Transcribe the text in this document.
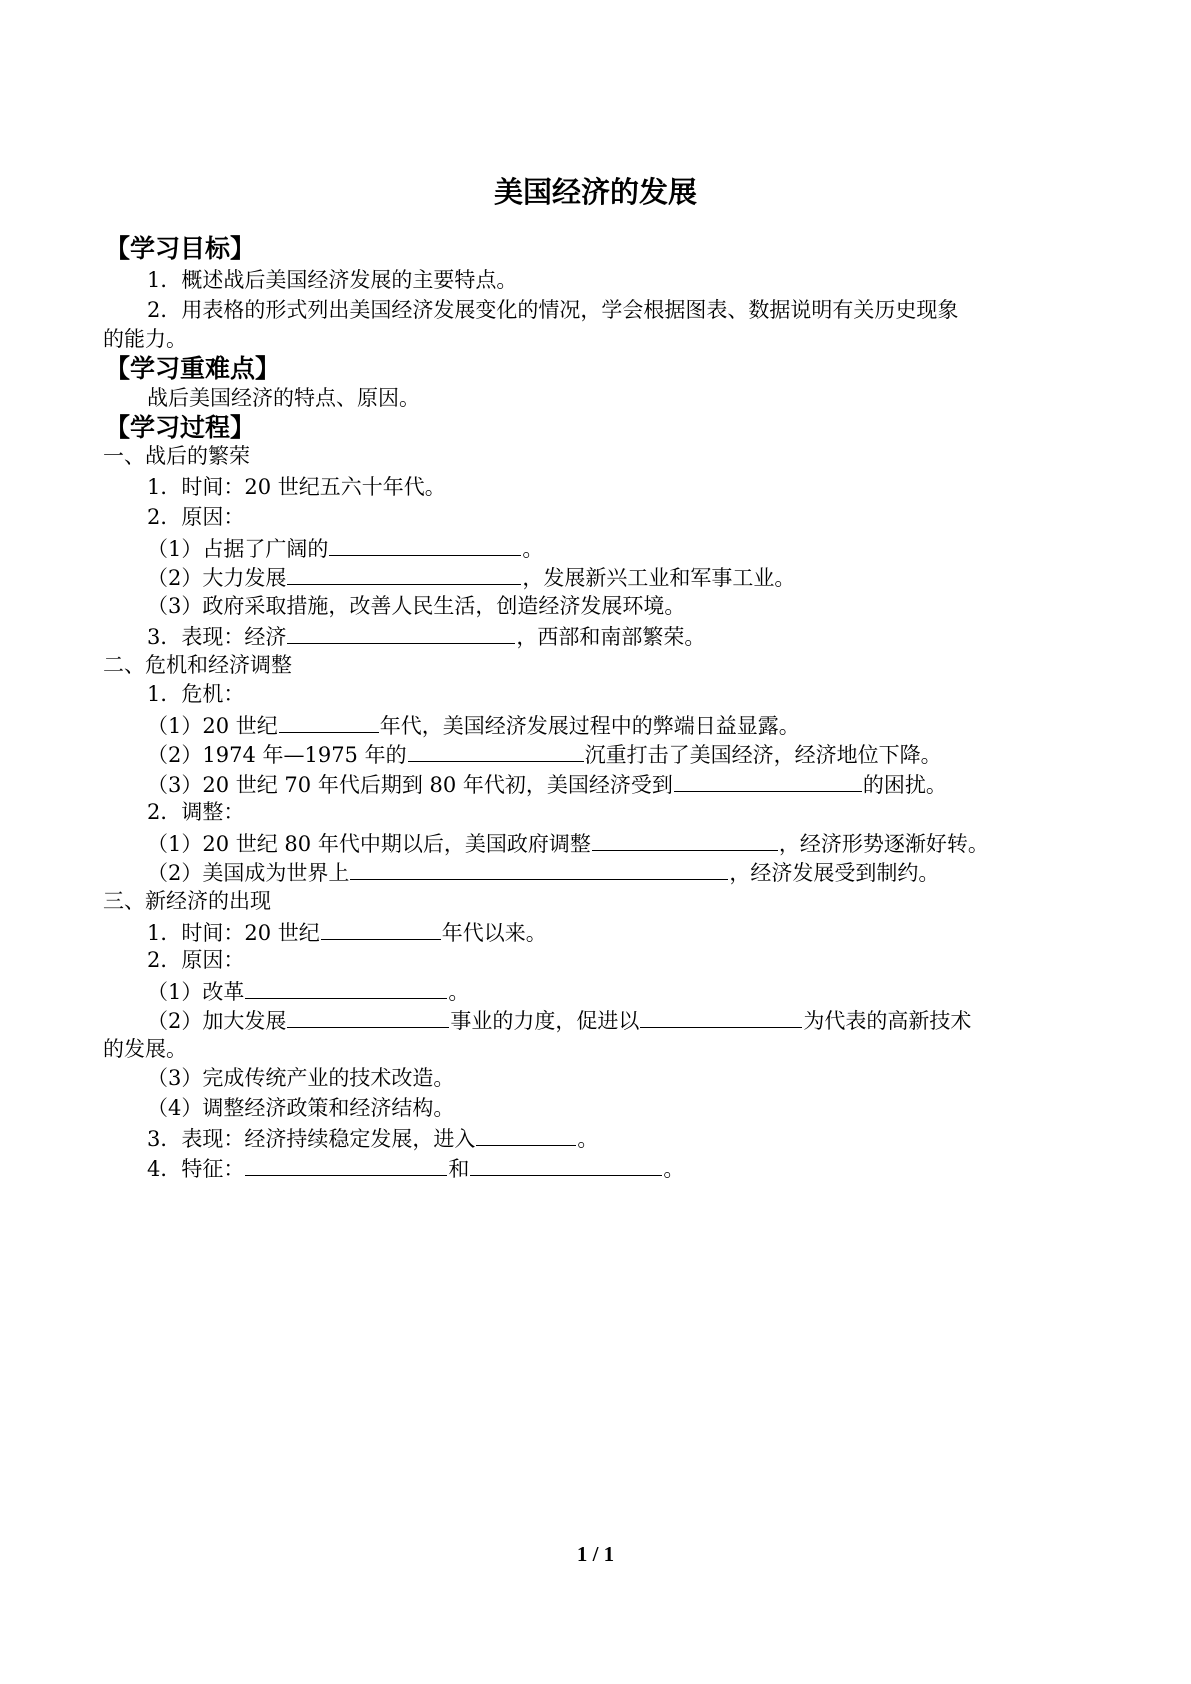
美国经济的发展
【学习目标】
1．概述战后美国经济发展的主要特点。
2．用表格的形式列出美国经济发展变化的情况，学会根据图表、数据说明有关历史现象
的能力。
【学习重难点】
战后美国经济的特点、原因。
【学习过程】
一、战后的繁荣
1．时间：20 世纪五六十年代。
2．原因：
（1）占据了广阔的	。
（2）大力发展	，发展新兴工业和军事工业。
（3）政府采取措施，改善人民生活，创造经济发展环境。
3．表现：经济	，西部和南部繁荣。
二、危机和经济调整
1．危机：
（1）20 世纪	年代，美国经济发展过程中的弊端日益显露。
（2）1974 年—1975 年的	沉重打击了美国经济，经济地位下降。
（3）20 世纪 70 年代后期到 80 年代初，美国经济受到	的困扰。
2．调整：
（1）20 世纪 80 年代中期以后，美国政府调整	，经济形势逐渐好转。
（2）美国成为世界上	，经济发展受到制约。
三、新经济的出现
1．时间：20 世纪	年代以来。
2．原因：
（1）改革	。
（2）加大发展	事业的力度，促进以	为代表的高新技术
的发展。
（3）完成传统产业的技术改造。
（4）调整经济政策和经济结构。
3．表现：经济持续稳定发展，进入	。
4．特征：	和	。
1 / 1
